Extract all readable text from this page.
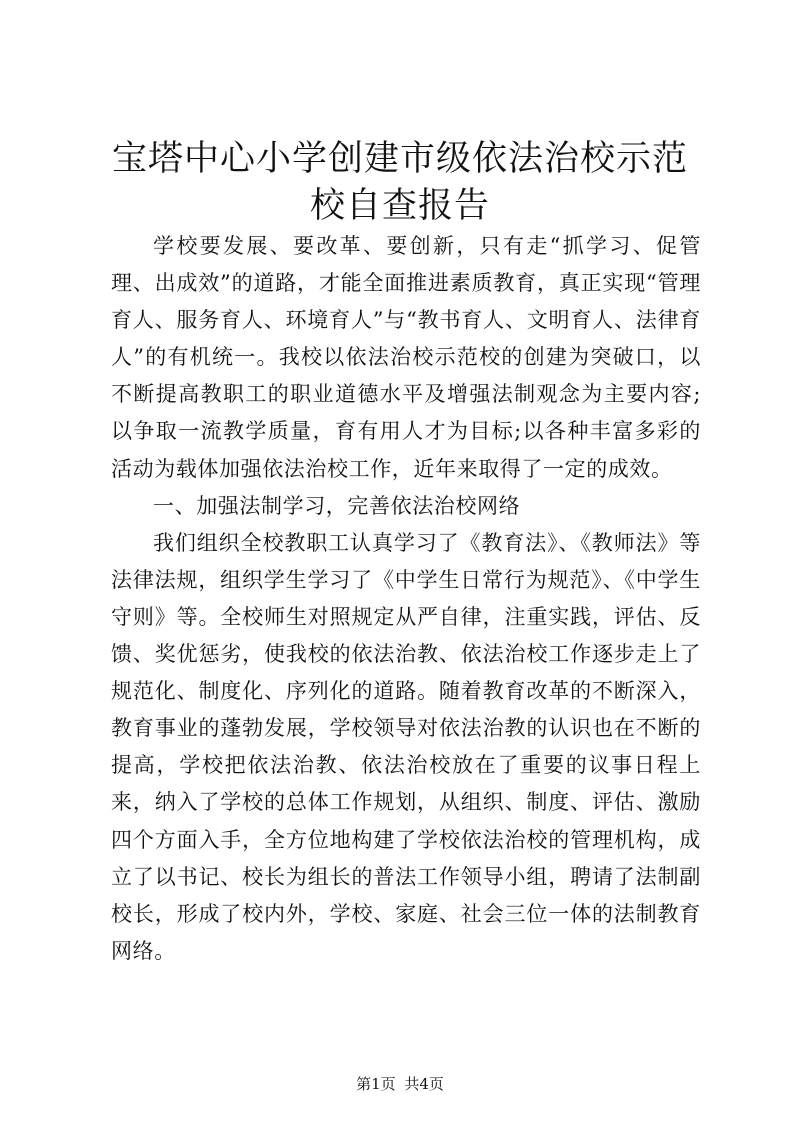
宝塔中心小学创建市级依法治校示范校自查报告

学校要发展、要改革、要创新，只有走“抓学习、促管理、出成效”的道路，才能全面推进素质教育，真正实现“管理育人、服务育人、环境育人”与“教书育人、文明育人、法律育人”的有机统一。我校以依法治校示范校的创建为突破口，以不断提高教职工的职业道德水平及增强法制观念为主要内容;以争取一流教学质量，育有用人才为目标;以各种丰富多彩的活动为载体加强依法治校工作，近年来取得了一定的成效。

一、加强法制学习，完善依法治校网络

我们组织全校教职工认真学习了《教育法》、《教师法》等法律法规，组织学生学习了《中学生日常行为规范》、《中学生守则》等。全校师生对照规定从严自律，注重实践，评估、反馈、奖优惩劣，使我校的依法治教、依法治校工作逐步走上了规范化、制度化、序列化的道路。随着教育改革的不断深入，教育事业的蓬勃发展，学校领导对依法治教的认识也在不断的提高，学校把依法治教、依法治校放在了重要的议事日程上来，纳入了学校的总体工作规划，从组织、制度、评估、激励四个方面入手，全方位地构建了学校依法治校的管理机构，成立了以书记、校长为组长的普法工作领导小组，聘请了法制副校长，形成了校内外，学校、家庭、社会三位一体的法制教育网络。

第1页 共4页
